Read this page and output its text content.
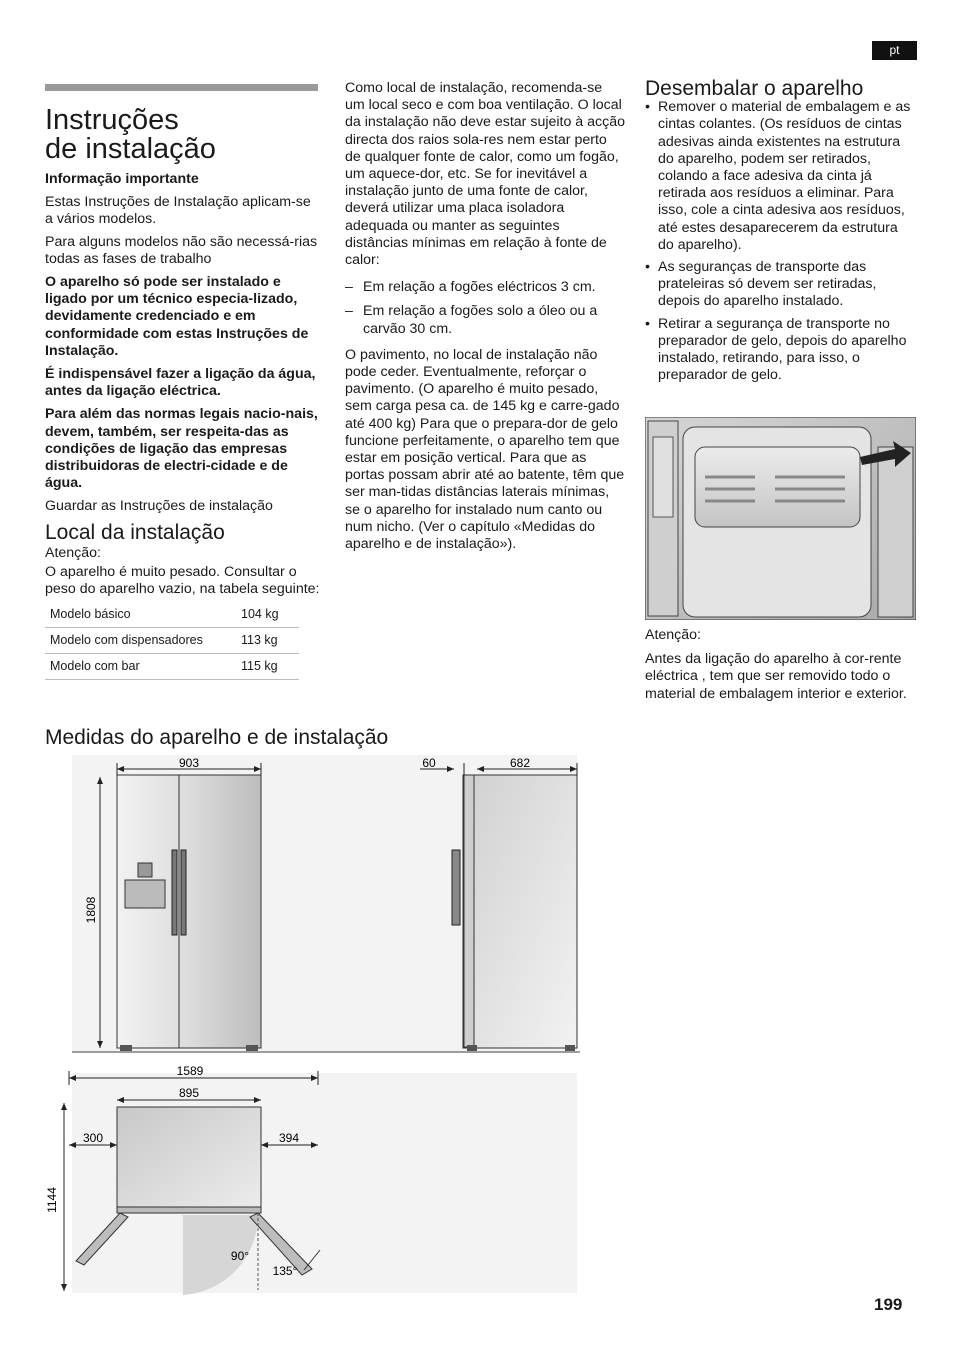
pt
Instruções
de instalação

Informação importante

Estas Instruções de Instalação aplicam-se a vários modelos.

Para alguns modelos não são necessá-rias todas as fases de trabalho

O aparelho só pode ser instalado e ligado por um técnico especia-lizado, devidamente credenciado e em conformidade com estas Instruções de Instalação.

É indispensável fazer a ligação da água, antes da ligação eléctrica.

Para além das normas legais nacio-nais, devem, também, ser respeita-das as condições de ligação das empresas distribuidoras de electri-cidade e de água.

Guardar as Instruções de instalação

Local da instalação

Atenção:

O aparelho é muito pesado. Consultar o peso do aparelho vazio, na tabela seguinte:

Modelo básico	104 kg
Modelo com dispensadores	113 kg
Modelo com bar	115 kg

Como local de instalação, recomenda-se um local seco e com boa ventilação. O local da instalação não deve estar sujeito à acção directa dos raios sola-res nem estar perto de qualquer fonte de calor, como um fogão, um aquece-dor, etc. Se for inevitável a instalação junto de uma fonte de calor, deverá utilizar uma placa isoladora adequada ou manter as seguintes distâncias mínimas em relação à fonte de calor:

– Em relação a fogões eléctricos 3 cm.
– Em relação a fogões solo a óleo ou a carvão 30 cm.

O pavimento, no local de instalação não pode ceder. Eventualmente, reforçar o pavimento. (O aparelho é muito pesado, sem carga pesa ca. de 145 kg e carre-gado até 400 kg) Para que o prepara-dor de gelo funcione perfeitamente, o aparelho tem que estar em posição vertical. Para que as portas possam abrir até ao batente, têm que ser man-tidas distâncias laterais mínimas, se o aparelho for instalado num canto ou num nicho. (Ver o capítulo «Medidas do aparelho e de instalação»).

Desembalar o aparelho
• Remover o material de embalagem e as cintas colantes. (Os resíduos de cintas adesivas ainda existentes na estrutura do aparelho, podem ser retirados, colando a face adesiva da cinta já retirada aos resíduos a eliminar. Para isso, cole a cinta adesiva aos resíduos, até estes desaparecerem da estrutura do aparelho).
• As seguranças de transporte das prateleiras só devem ser retiradas, depois do aparelho instalado.
• Retirar a segurança de transporte no preparador de gelo, depois do aparelho instalado, retirando, para isso, o preparador de gelo.

Atenção:

Antes da ligação do aparelho à cor-rente eléctrica , tem que ser removido todo o material de embalagem interior e exterior.

Medidas do aparelho e de instalação
903
1808
60	682
1589
895
300	394
1144
90°
135°
199
